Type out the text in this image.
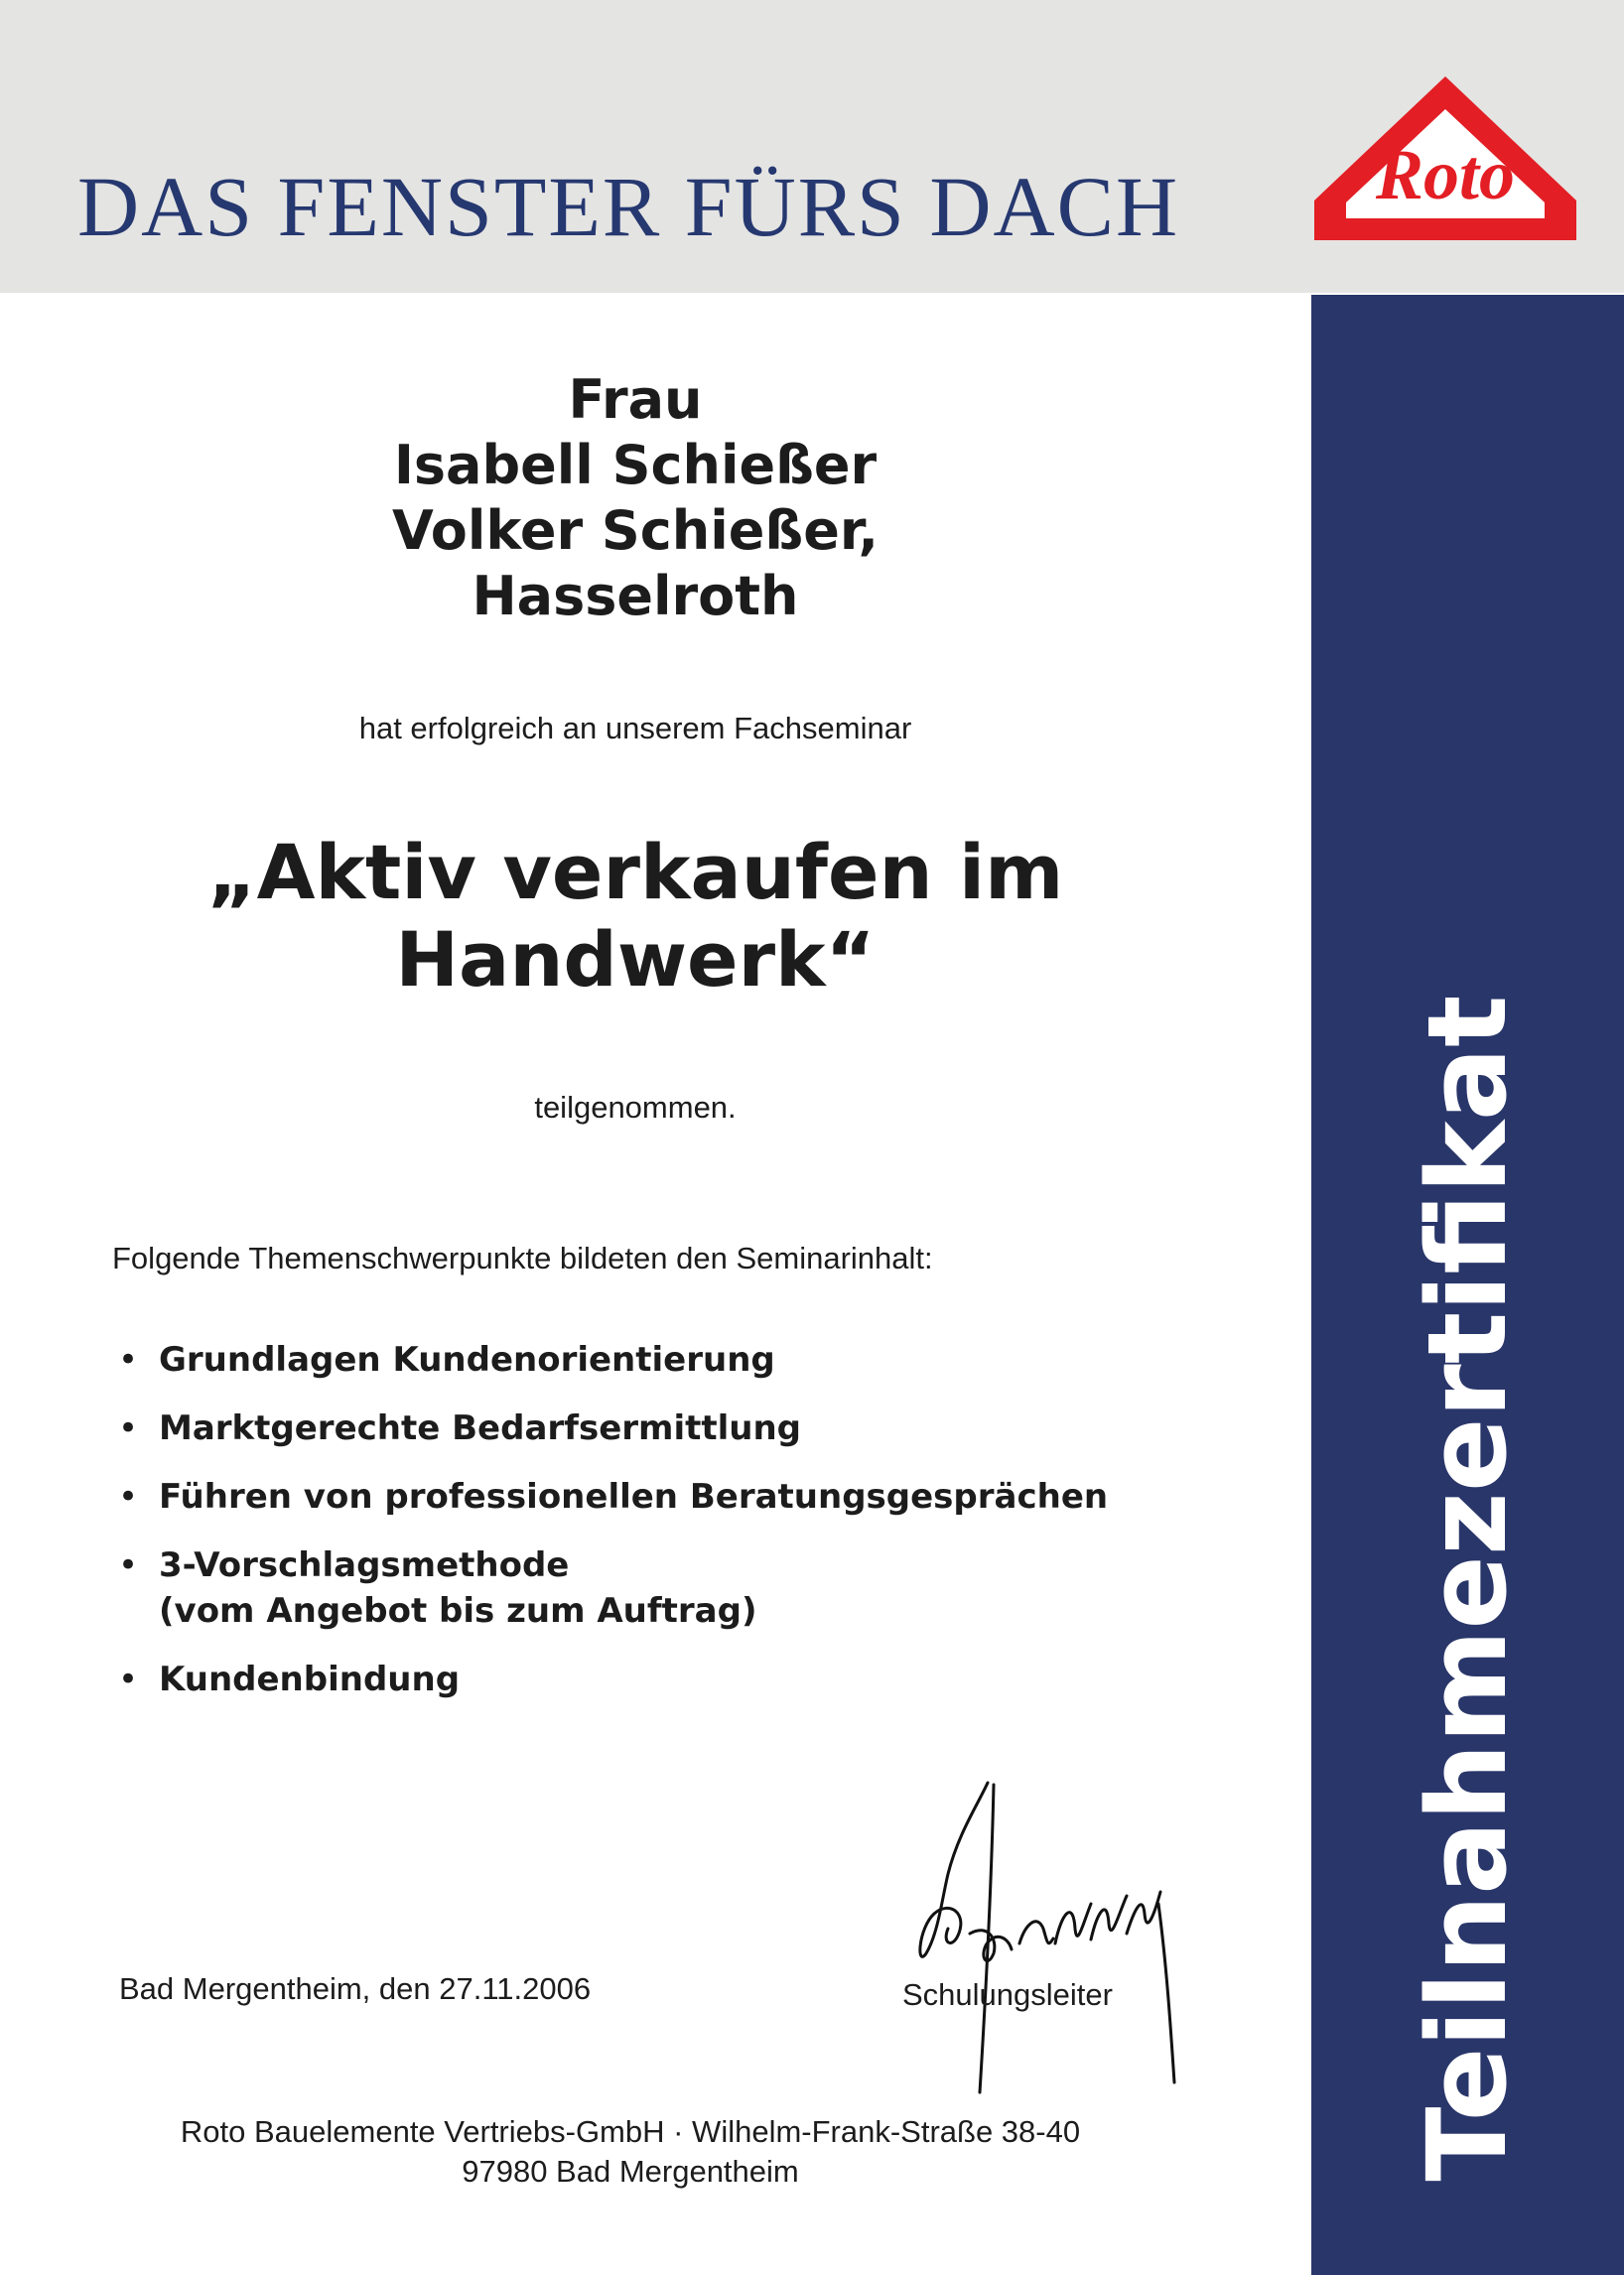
DAS FENSTER FÜRS DACH	Roto
Teilnahmezertifikat
Frau
Isabell Schießer
Volker Schießer,
Hasselroth
hat erfolgreich an unserem Fachseminar
„Aktiv verkaufen im
Handwerk“
teilgenommen.
Folgende Themenschwerpunkte bildeten den Seminarinhalt:
• Grundlagen Kundenorientierung
• Marktgerechte Bedarfsermittlung
• Führen von professionellen Beratungsgesprächen
• 3-Vorschlagsmethode
(vom Angebot bis zum Auftrag)
• Kundenbindung
Bad Mergentheim, den 27.11.2006	Schulungsleiter
Roto Bauelemente Vertriebs-GmbH · Wilhelm-Frank-Straße 38-40
97980 Bad Mergentheim
